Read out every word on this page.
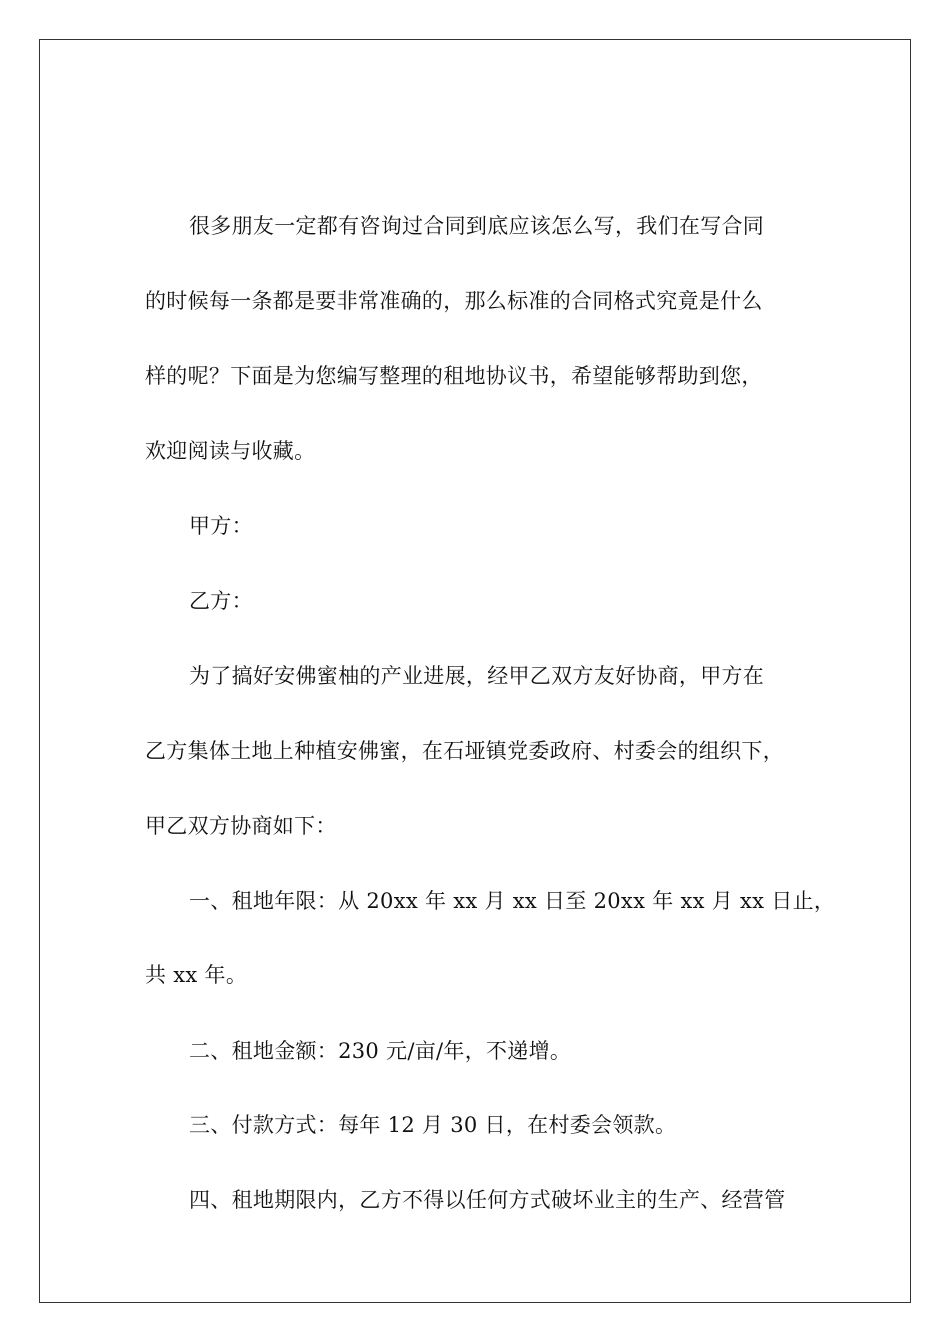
很多朋友一定都有咨询过合同到底应该怎么写，我们在写合同
的时候每一条都是要非常准确的，那么标准的合同格式究竟是什么
样的呢？下面是为您编写整理的租地协议书，希望能够帮助到您，
欢迎阅读与收藏。
甲方：
乙方：
为了搞好安佛蜜柚的产业进展，经甲乙双方友好协商，甲方在
乙方集体土地上种植安佛蜜，在石垭镇党委政府、村委会的组织下，
甲乙双方协商如下：
一、租地年限：从 20xx 年 xx 月 xx 日至 20xx 年 xx 月 xx 日止，
共 xx 年。
二、租地金额：230 元/亩/年，不递增。
三、付款方式：每年 12 月 30 日，在村委会领款。
四、租地期限内，乙方不得以任何方式破坏业主的生产、经营管
